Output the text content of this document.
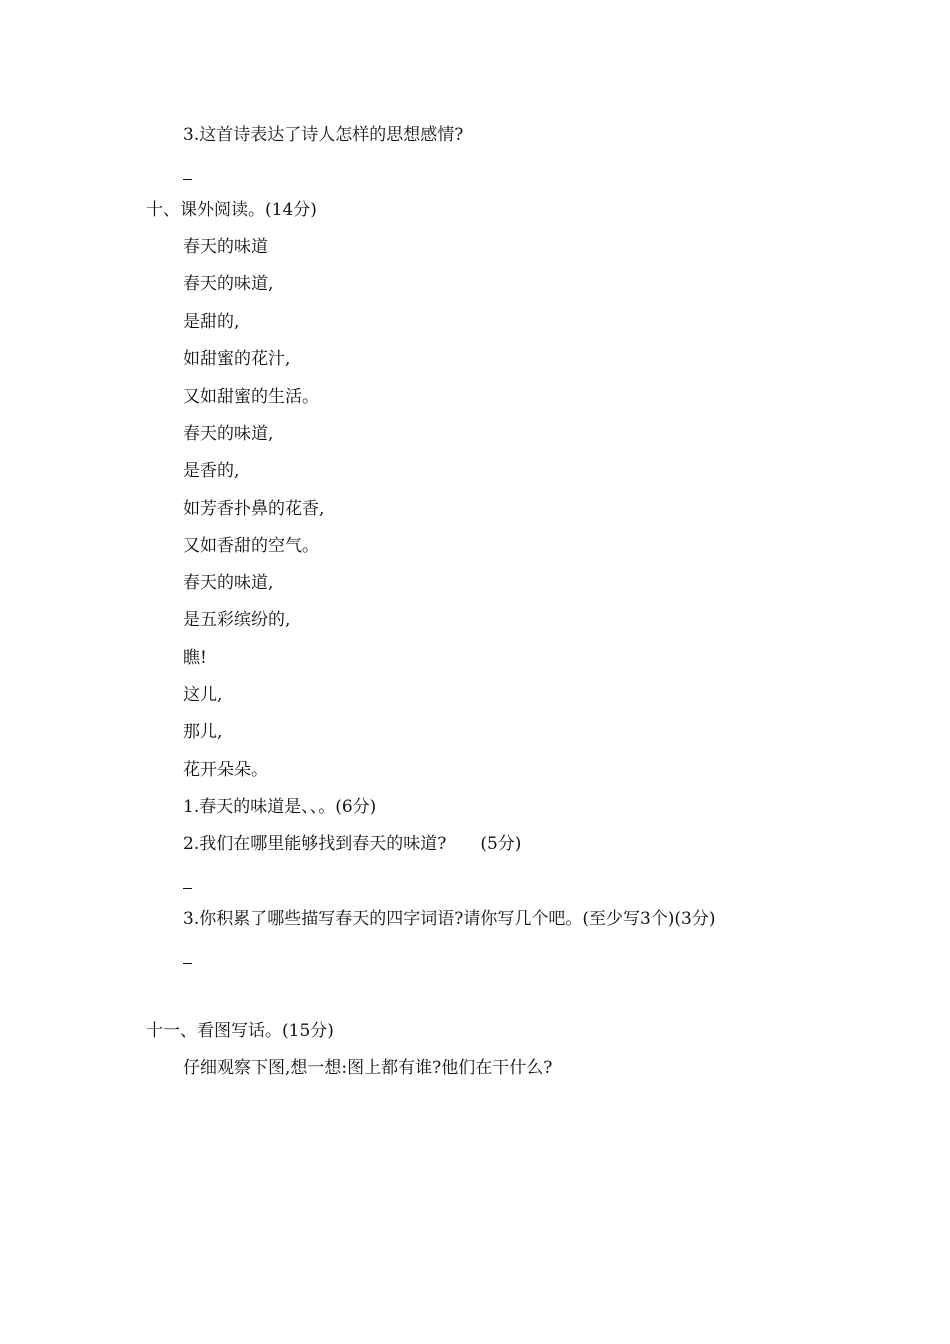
3.这首诗表达了诗人怎样的思想感情?
十、课外阅读。(14分)
春天的味道
春天的味道,
是甜的,
如甜蜜的花汁,
又如甜蜜的生活。
春天的味道,
是香的,
如芳香扑鼻的花香,
又如香甜的空气。
春天的味道,
是五彩缤纷的,
瞧!
这儿,
那儿,
花开朵朵。
1.春天的味道是、、。(6分)
2.我们在哪里能够找到春天的味道? (5分)
3.你积累了哪些描写春天的四字词语?请你写几个吧。(至少写3个)(3分)
十一、看图写话。(15分)
仔细观察下图,想一想:图上都有谁?他们在干什么?
